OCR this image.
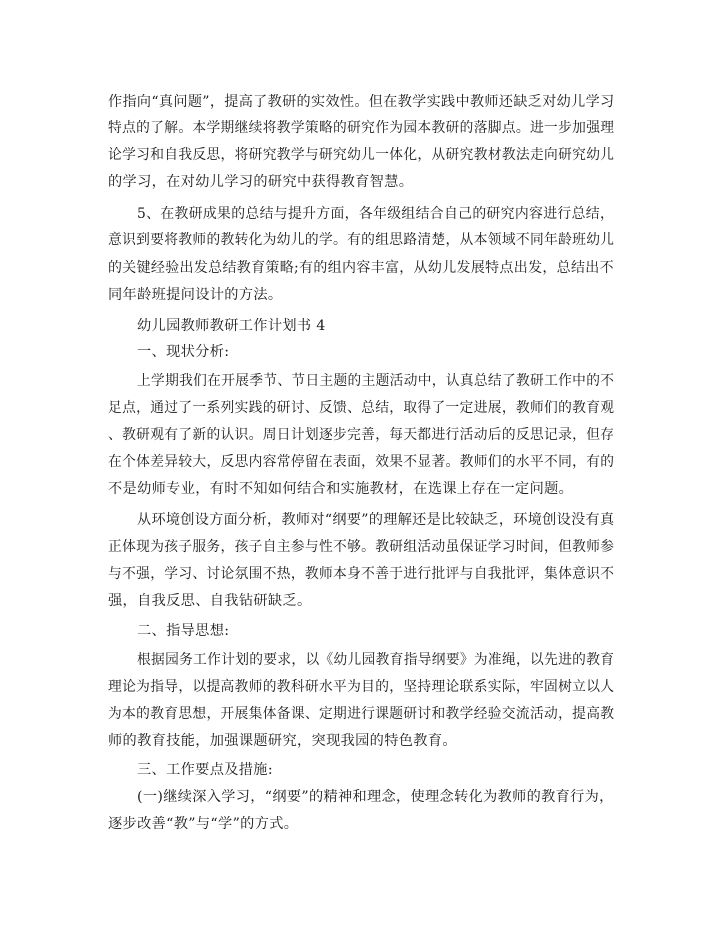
作指向“真问题”，提高了教研的实效性。但在教学实践中教师还缺乏对幼儿学习
特点的了解。本学期继续将教学策略的研究作为园本教研的落脚点。进一步加强理
论学习和自我反思，将研究教学与研究幼儿一体化，从研究教材教法走向研究幼儿
的学习，在对幼儿学习的研究中获得教育智慧。
5、在教研成果的总结与提升方面，各年级组结合自己的研究内容进行总结，
意识到要将教师的教转化为幼儿的学。有的组思路清楚，从本领域不同年龄班幼儿
的关键经验出发总结教育策略;有的组内容丰富，从幼儿发展特点出发，总结出不
同年龄班提问设计的方法。
幼儿园教师教研工作计划书 4
一、现状分析:
上学期我们在开展季节、节日主题的主题活动中，认真总结了教研工作中的不
足点，通过了一系列实践的研讨、反馈、总结，取得了一定进展，教师们的教育观
、教研观有了新的认识。周日计划逐步完善，每天都进行活动后的反思记录，但存
在个体差异较大，反思内容常停留在表面，效果不显著。教师们的水平不同，有的
不是幼师专业，有时不知如何结合和实施教材，在选课上存在一定问题。
从环境创设方面分析，教师对“纲要”的理解还是比较缺乏，环境创设没有真
正体现为孩子服务，孩子自主参与性不够。教研组活动虽保证学习时间，但教师参
与不强，学习、讨论氛围不热，教师本身不善于进行批评与自我批评，集体意识不
强，自我反思、自我钻研缺乏。
二、指导思想:
根据园务工作计划的要求，以《幼儿园教育指导纲要》为准绳，以先进的教育
理论为指导，以提高教师的教科研水平为目的，坚持理论联系实际，牢固树立以人
为本的教育思想，开展集体备课、定期进行课题研讨和教学经验交流活动，提高教
师的教育技能，加强课题研究，突现我园的特色教育。
三、工作要点及措施:
(一)继续深入学习，“纲要”的精神和理念，使理念转化为教师的教育行为，
逐步改善“教”与“学”的方式。
